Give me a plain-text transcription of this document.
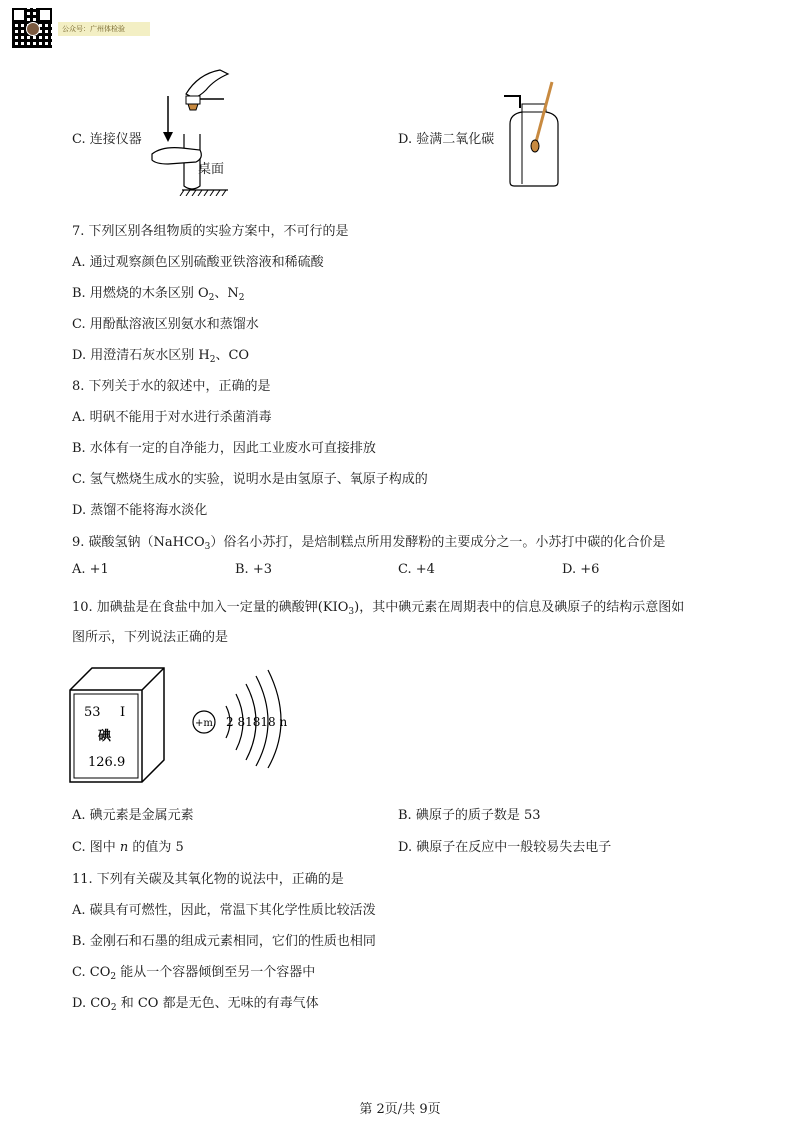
公众号：广州体检验
C. 连接仪器
桌面
D. 验满二氧化碳
7. 下列区别各组物质的实验方案中，不可行的是
A. 通过观察颜色区别硫酸亚铁溶液和稀硫酸
B. 用燃烧的木条区别 $O_2$、$N_2$
C. 用酚酞溶液区别氨水和蒸馏水
D. 用澄清石灰水区别 $H_2$、CO
8. 下列关于水的叙述中，正确的是
A. 明矾不能用于对水进行杀菌消毒
B. 水体有一定的自净能力，因此工业废水可直接排放
C. 氢气燃烧生成水的实验，说明水是由氢原子、氧原子构成的
D. 蒸馏不能将海水淡化
9. 碳酸氢钠（NaHCO$_3$）俗名小苏打，是焙制糕点所用发酵粉的主要成分之一。小苏打中碳的化合价是
A. +1	B. +3	C. +4	D. +6
10. 加碘盐是在食盐中加入一定量的碘酸钾$(KIO_3)$，其中碘元素在周期表中的信息及碘原子的结构示意图如
图所示，下列说法正确的是
53 I
碘
126.9
+m 2 81818 n
A. 碘元素是金属元素	B. 碘原子的质子数是 53
C. 图中 n 的值为 5	D. 碘原子在反应中一般较易失去电子
11. 下列有关碳及其氧化物的说法中，正确的是
A. 碳具有可燃性，因此，常温下其化学性质比较活泼
B. 金刚石和石墨的组成元素相同，它们的性质也相同
C. $CO_2$ 能从一个容器倾倒至另一个容器中
D. $CO_2$ 和 CO 都是无色、无味的有毒气体
第 2页/共 9页
